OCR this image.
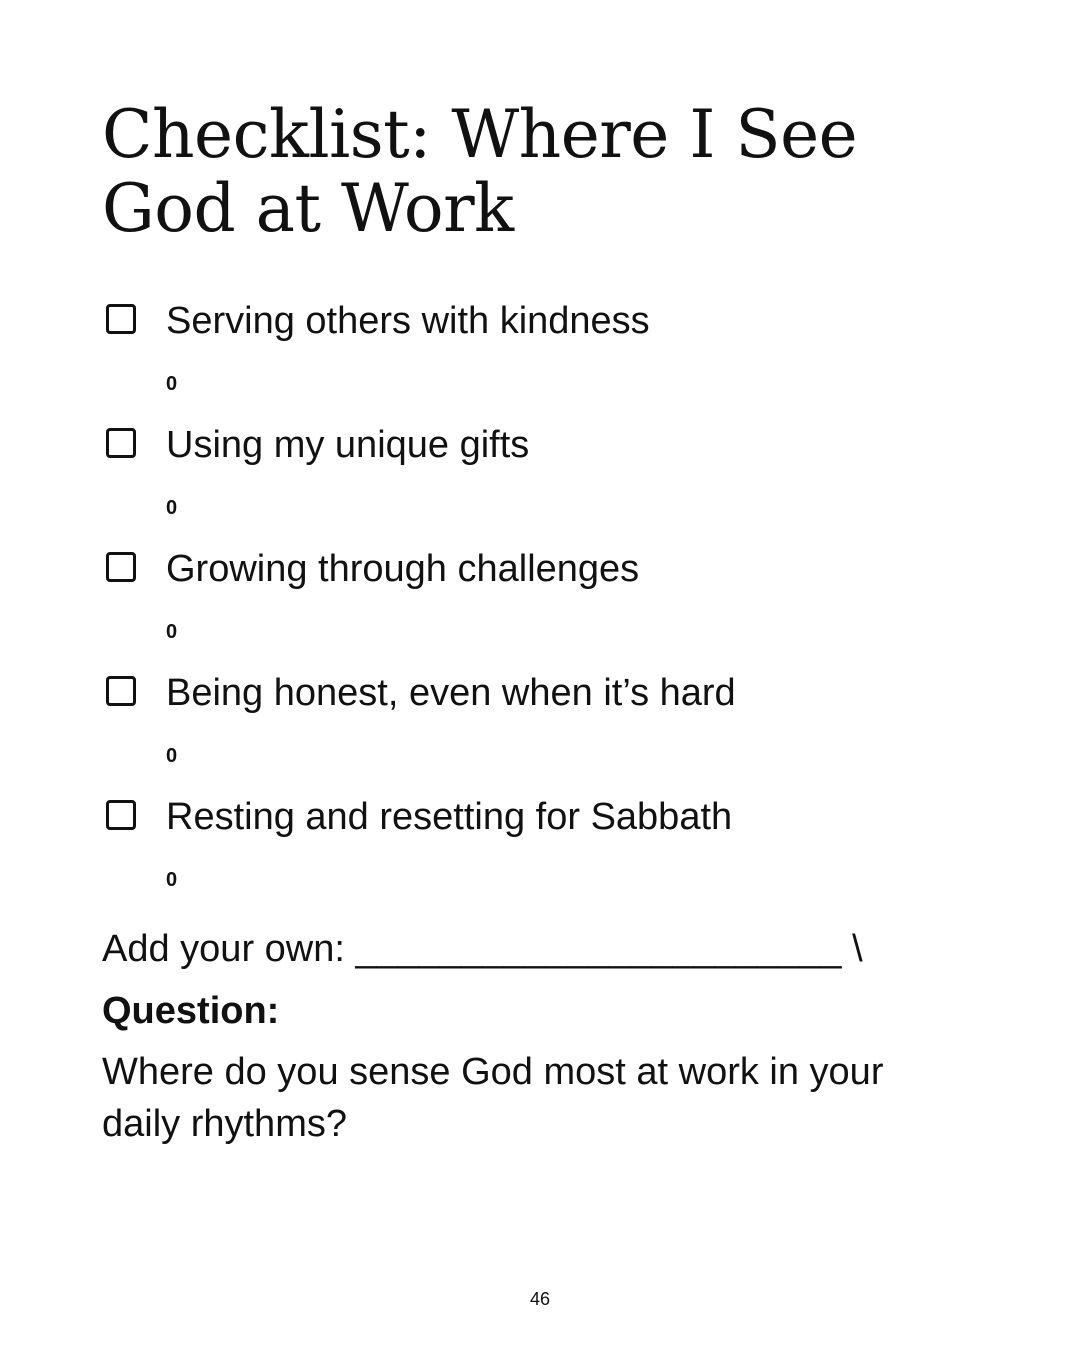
Checklist: Where I See God at Work
Serving others with kindness
0
Using my unique gifts
0
Growing through challenges
0
Being honest, even when it’s hard
0
Resting and resetting for Sabbath
0
Add your own: _______________________ \
Question:
Where do you sense God most at work in your daily rhythms?
46
